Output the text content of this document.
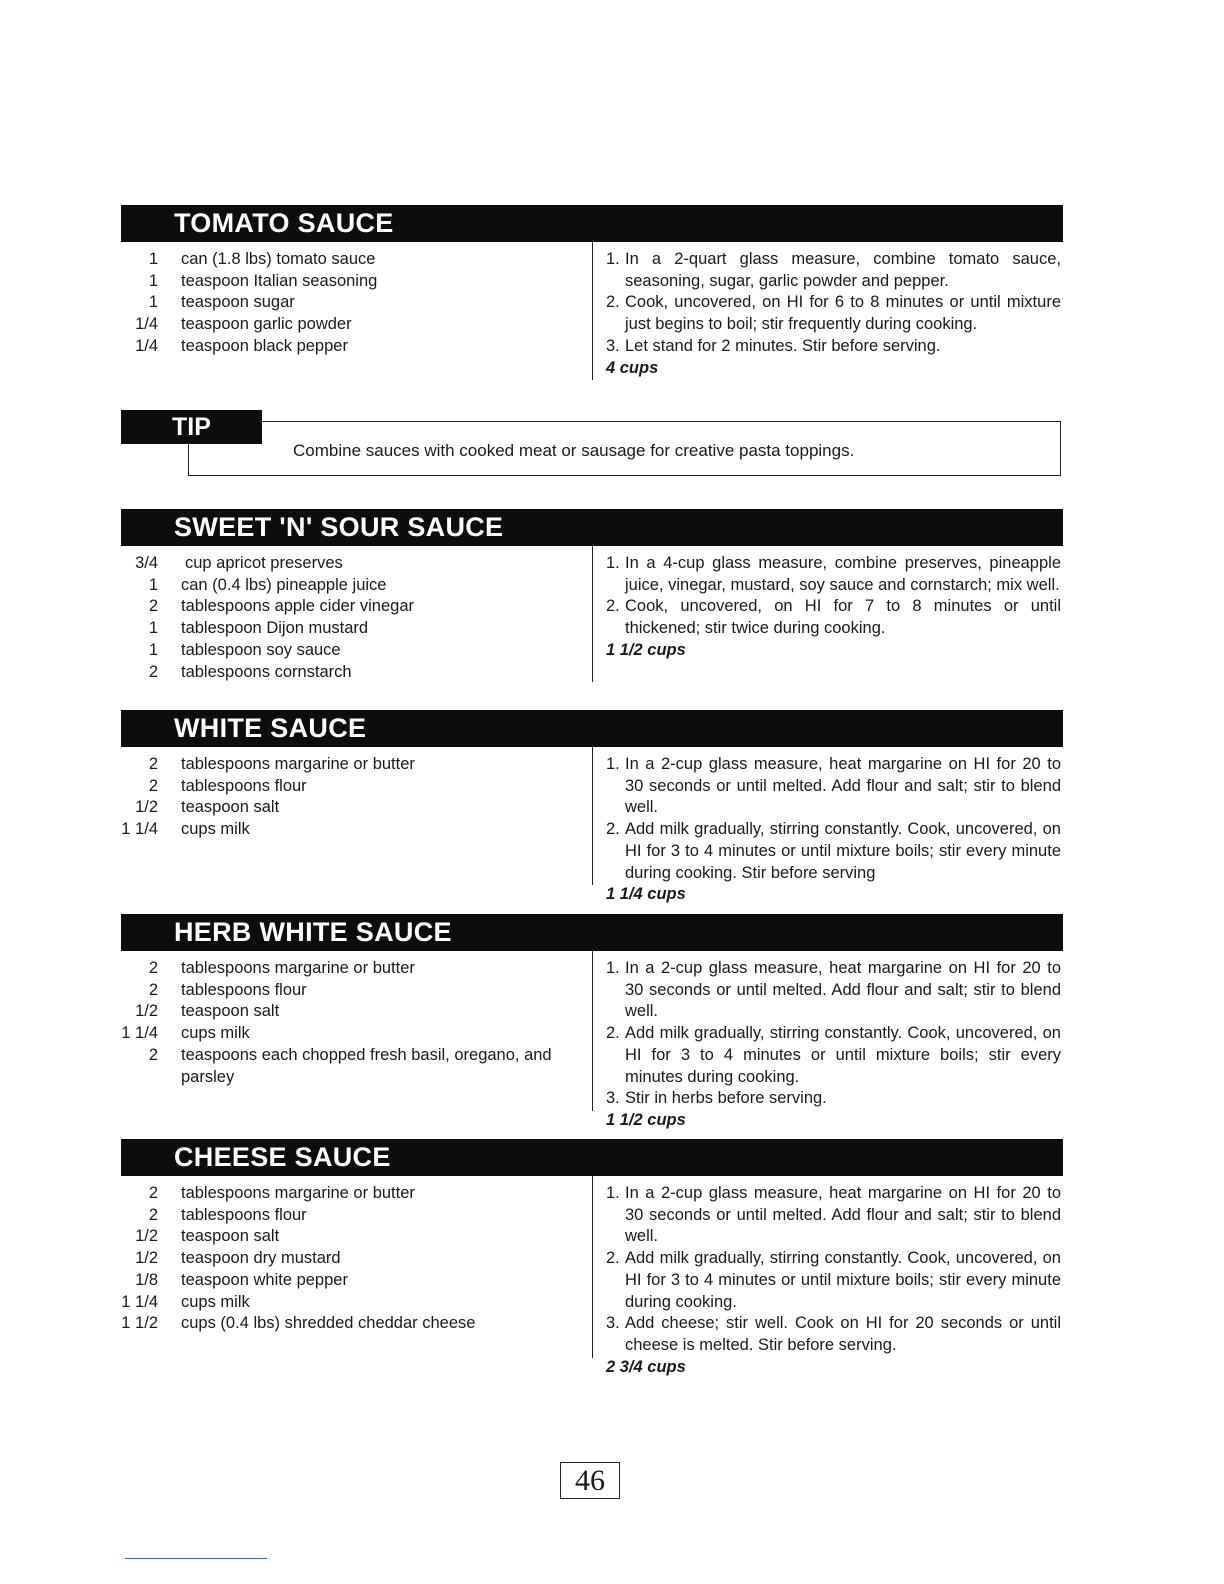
TOMATO SAUCE
1 can (1.8 lbs) tomato sauce
1 teaspoon Italian seasoning
1 teaspoon sugar
1/4 teaspoon garlic powder
1/4 teaspoon black pepper
1. In a 2-quart glass measure, combine tomato sauce, seasoning, sugar, garlic powder and pepper.
2. Cook, uncovered, on HI for 6 to 8 minutes or until mixture just begins to boil; stir frequently during cooking.
3. Let stand for 2 minutes. Stir before serving.
4 cups
Combine sauces with cooked meat or sausage for creative pasta toppings.
TIP
SWEET 'N' SOUR SAUCE
3/4 cup apricot preserves
1 can (0.4 lbs) pineapple juice
2 tablespoons apple cider vinegar
1 tablespoon Dijon mustard
1 tablespoon soy sauce
2 tablespoons cornstarch
1. In a 4-cup glass measure, combine preserves, pineapple juice, vinegar, mustard, soy sauce and cornstarch; mix well.
2. Cook, uncovered, on HI for 7 to 8 minutes or until thickened; stir twice during cooking.
1 1/2 cups
WHITE SAUCE
2 tablespoons margarine or butter
2 tablespoons flour
1/2 teaspoon salt
1 1/4 cups milk
1. In a 2-cup glass measure, heat margarine on HI for 20 to 30 seconds or until melted. Add flour and salt; stir to blend well.
2. Add milk gradually, stirring constantly. Cook, uncovered, on HI for 3 to 4 minutes or until mixture boils; stir every minute during cooking. Stir before serving
1 1/4 cups
HERB WHITE SAUCE
2 tablespoons margarine or butter
2 tablespoons flour
1/2 teaspoon salt
1 1/4 cups milk
2 teaspoons each chopped fresh basil, oregano, and parsley
1. In a 2-cup glass measure, heat margarine on HI for 20 to 30 seconds or until melted. Add flour and salt; stir to blend well.
2. Add milk gradually, stirring constantly. Cook, uncovered, on HI for 3 to 4 minutes or until mixture boils; stir every minutes during cooking.
3. Stir in herbs before serving.
1 1/2 cups
CHEESE SAUCE
2 tablespoons margarine or butter
2 tablespoons flour
1/2 teaspoon salt
1/2 teaspoon dry mustard
1/8 teaspoon white pepper
1 1/4 cups milk
1 1/2 cups (0.4 lbs) shredded cheddar cheese
1. In a 2-cup glass measure, heat margarine on HI for 20 to 30 seconds or until melted. Add flour and salt; stir to blend well.
2. Add milk gradually, stirring constantly. Cook, uncovered, on HI for 3 to 4 minutes or until mixture boils; stir every minute during cooking.
3. Add cheese; stir well. Cook on HI for 20 seconds or until cheese is melted. Stir before serving.
2 3/4 cups
46
